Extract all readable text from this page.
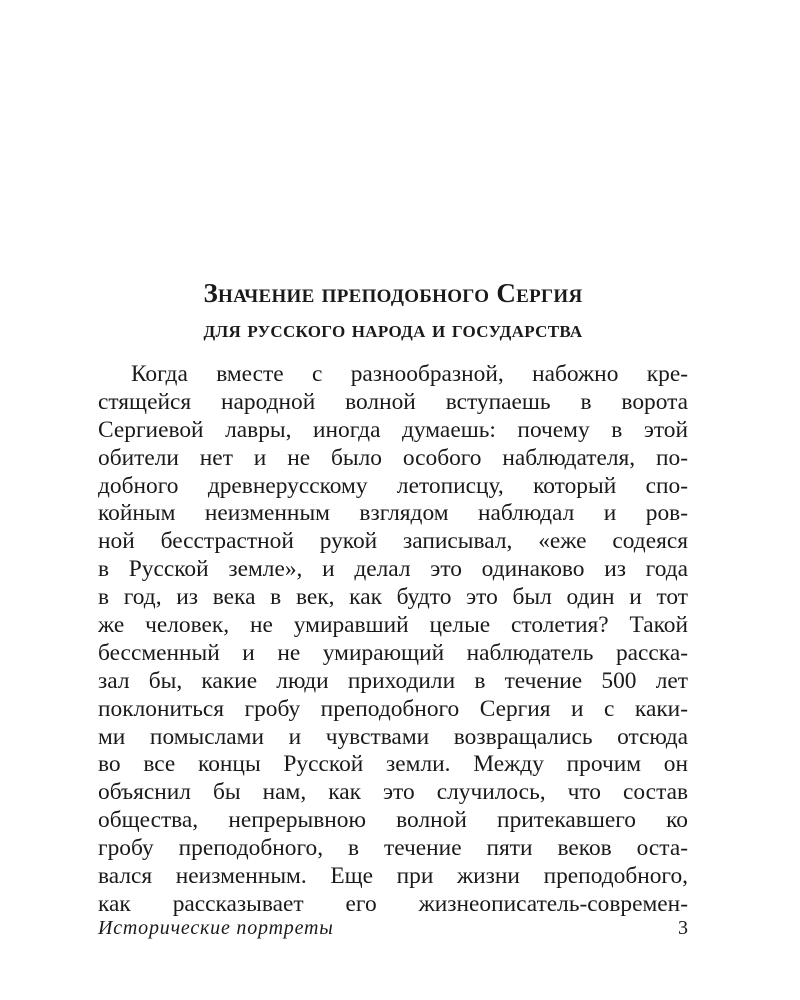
Значение преподобного Сергия
для русского народа и государства
Когда вместе с разнообразной, набожно кре-
стящейся народной волной вступаешь в ворота
Сергиевой лавры, иногда думаешь: почему в этой
обители нет и не было особого наблюдателя, по-
добного древнерусскому летописцу, который спо-
койным неизменным взглядом наблюдал и ров-
ной бесстрастной рукой записывал, «еже содеяся
в Русской земле», и делал это одинаково из года
в год, из века в век, как будто это был один и тот
же человек, не умиравший целые столетия? Такой
бессменный и не умирающий наблюдатель расска-
зал бы, какие люди приходили в течение 500 лет
поклониться гробу преподобного Сергия и с каки-
ми помыслами и чувствами возвращались отсюда
во все концы Русской земли. Между прочим он
объяснил бы нам, как это случилось, что состав
общества, непрерывною волной притекавшего ко
гробу преподобного, в течение пяти веков оста-
вался неизменным. Еще при жизни преподобного,
как рассказывает его жизнеописатель-современ-
Исторические портреты	3
